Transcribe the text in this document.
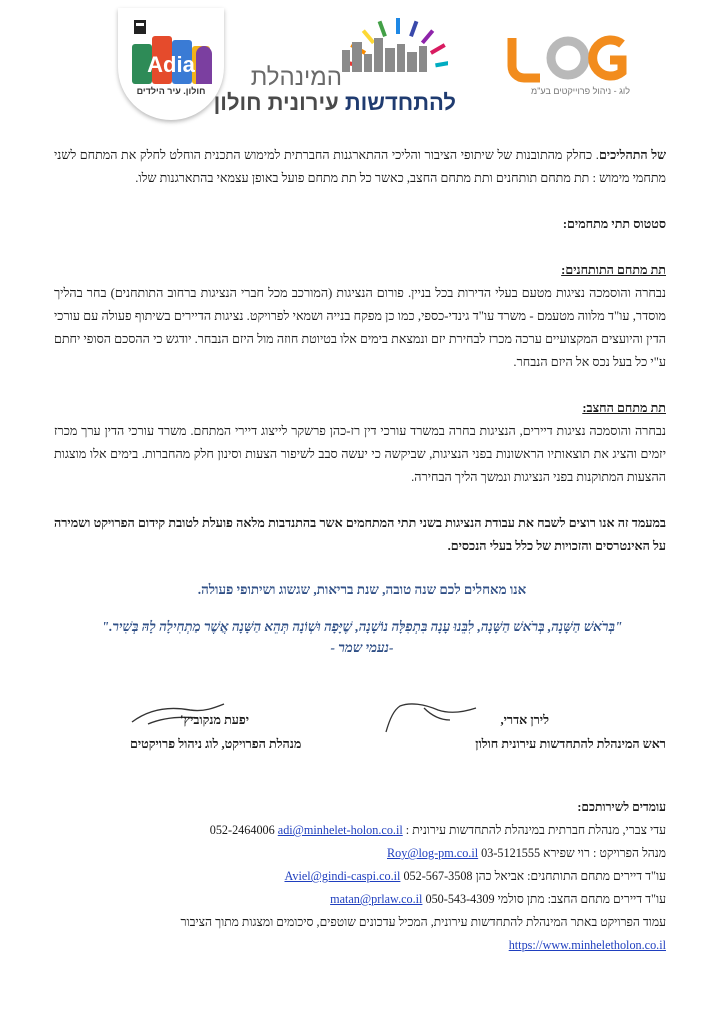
Adia
חולון. עיר הילדים	המינהלת
להתחדשות עירונית חולון	לוג - ניהול פרוייקטים בע"מ

של התהליכים. כחלק מהתובנות של שיתופי הציבור והליכי ההתארגנות החברתית למימוש התכנית הוחלט לחלק את המתחם לשני מתחמי מימוש : תת מתחם תותחנים ותת מתחם החצב, כאשר כל תת מתחם פועל באופן עצמאי בהתארגנות שלו.

סטטוס תתי מתחמים:

תת מתחם התותחנים:

נבחרה והוסמכה נציגות מטעם בעלי הדירות בכל בניין. פורום הנציגות (המורכב מכל חברי הנציגות ברחוב התותחנים) בחר בהליך מוסדר, עו"ד מלווה מטעמם - משרד עו"ד גינדי-כספי, כמו כן מפקח בנייה ושמאי לפרויקט. נציגות הדיירים בשיתוף פעולה עם עורכי הדין והיועצים המקצועיים ערכה מכרז לבחירת יזם ונמצאת בימים אלו בטיוטת חוזה מול היזם הנבחר. יודגש כי ההסכם הסופי יחתם ע"י כל בעל נכס אל היזם הנבחר.

תת מתחם החצב:

נבחרה והוסמכה נציגות דיירים, הנציגות בחרה במשרד עורכי דין רז-כהן פרשקר לייצוג דיירי המתחם. משרד עורכי הדין ערך מכרז יזמים והציג את תוצאותיו הראשונות בפני הנציגות, שביקשה כי יעשה סבב לשיפור הצעות וסינון חלק מהחברות. בימים אלו מוצגות ההצעות המתוקנות בפני הנציגות ונמשך הליך הבחירה.

במעמד זה אנו רוצים לשבח את עבודת הנציגות בשני תתי המתחמים אשר בהתנדבות מלאה פועלת לטובת קידום הפרויקט ושמירה על האינטרסים והזכויות של כלל בעלי הנכסים.

אנו מאחלים לכם שנה טובה, שנת בריאות, שגשוג ושיתופי פעולה.
"בְּרֹאשׁ הַשָּׁנָה, בְּרֹאשׁ הַשָּׁנָה, לִבֵּנוּ עָנָה בִּתְפִלָּה נוֹשָׁנָה, שֶׁיָּפָה וּשְׁוֹנָה תְּהֵא הַשָּׁנָה אֲשֶׁר מַתְחִילָה לָהּ בְּשִׁיר."
-נעמי שמר -
יפעת מנקוביץ'
מנהלת הפרויקט, לוג ניהול פרויקטים
לירן אדרי,
ראש המינהלת להתחדשות עירונית חולון
עומדים לשירותכם:
עדי צברי, מנהלת חברתית במינהלת להתחדשות עירונית : adi@minhelet-holon.co.il 052-2464006
מנהל הפרויקט : רוי שפירא 03-5121555 Roy@log-pm.co.il
עו"ד דיירים מתחם התותחנים: אביאל כהן 052-567-3508 Aviel@gindi-caspi.co.il
עו"ד דיירים מתחם החצב: מתן סולמי 050-543-4309 matan@prlaw.co.il
עמוד הפרויקט באתר המינהלת להתחדשות עירונית, המכיל עדכונים שוטפים, סיכומים ומצגות מתוך הציבור
https://www.minheletholon.co.il
